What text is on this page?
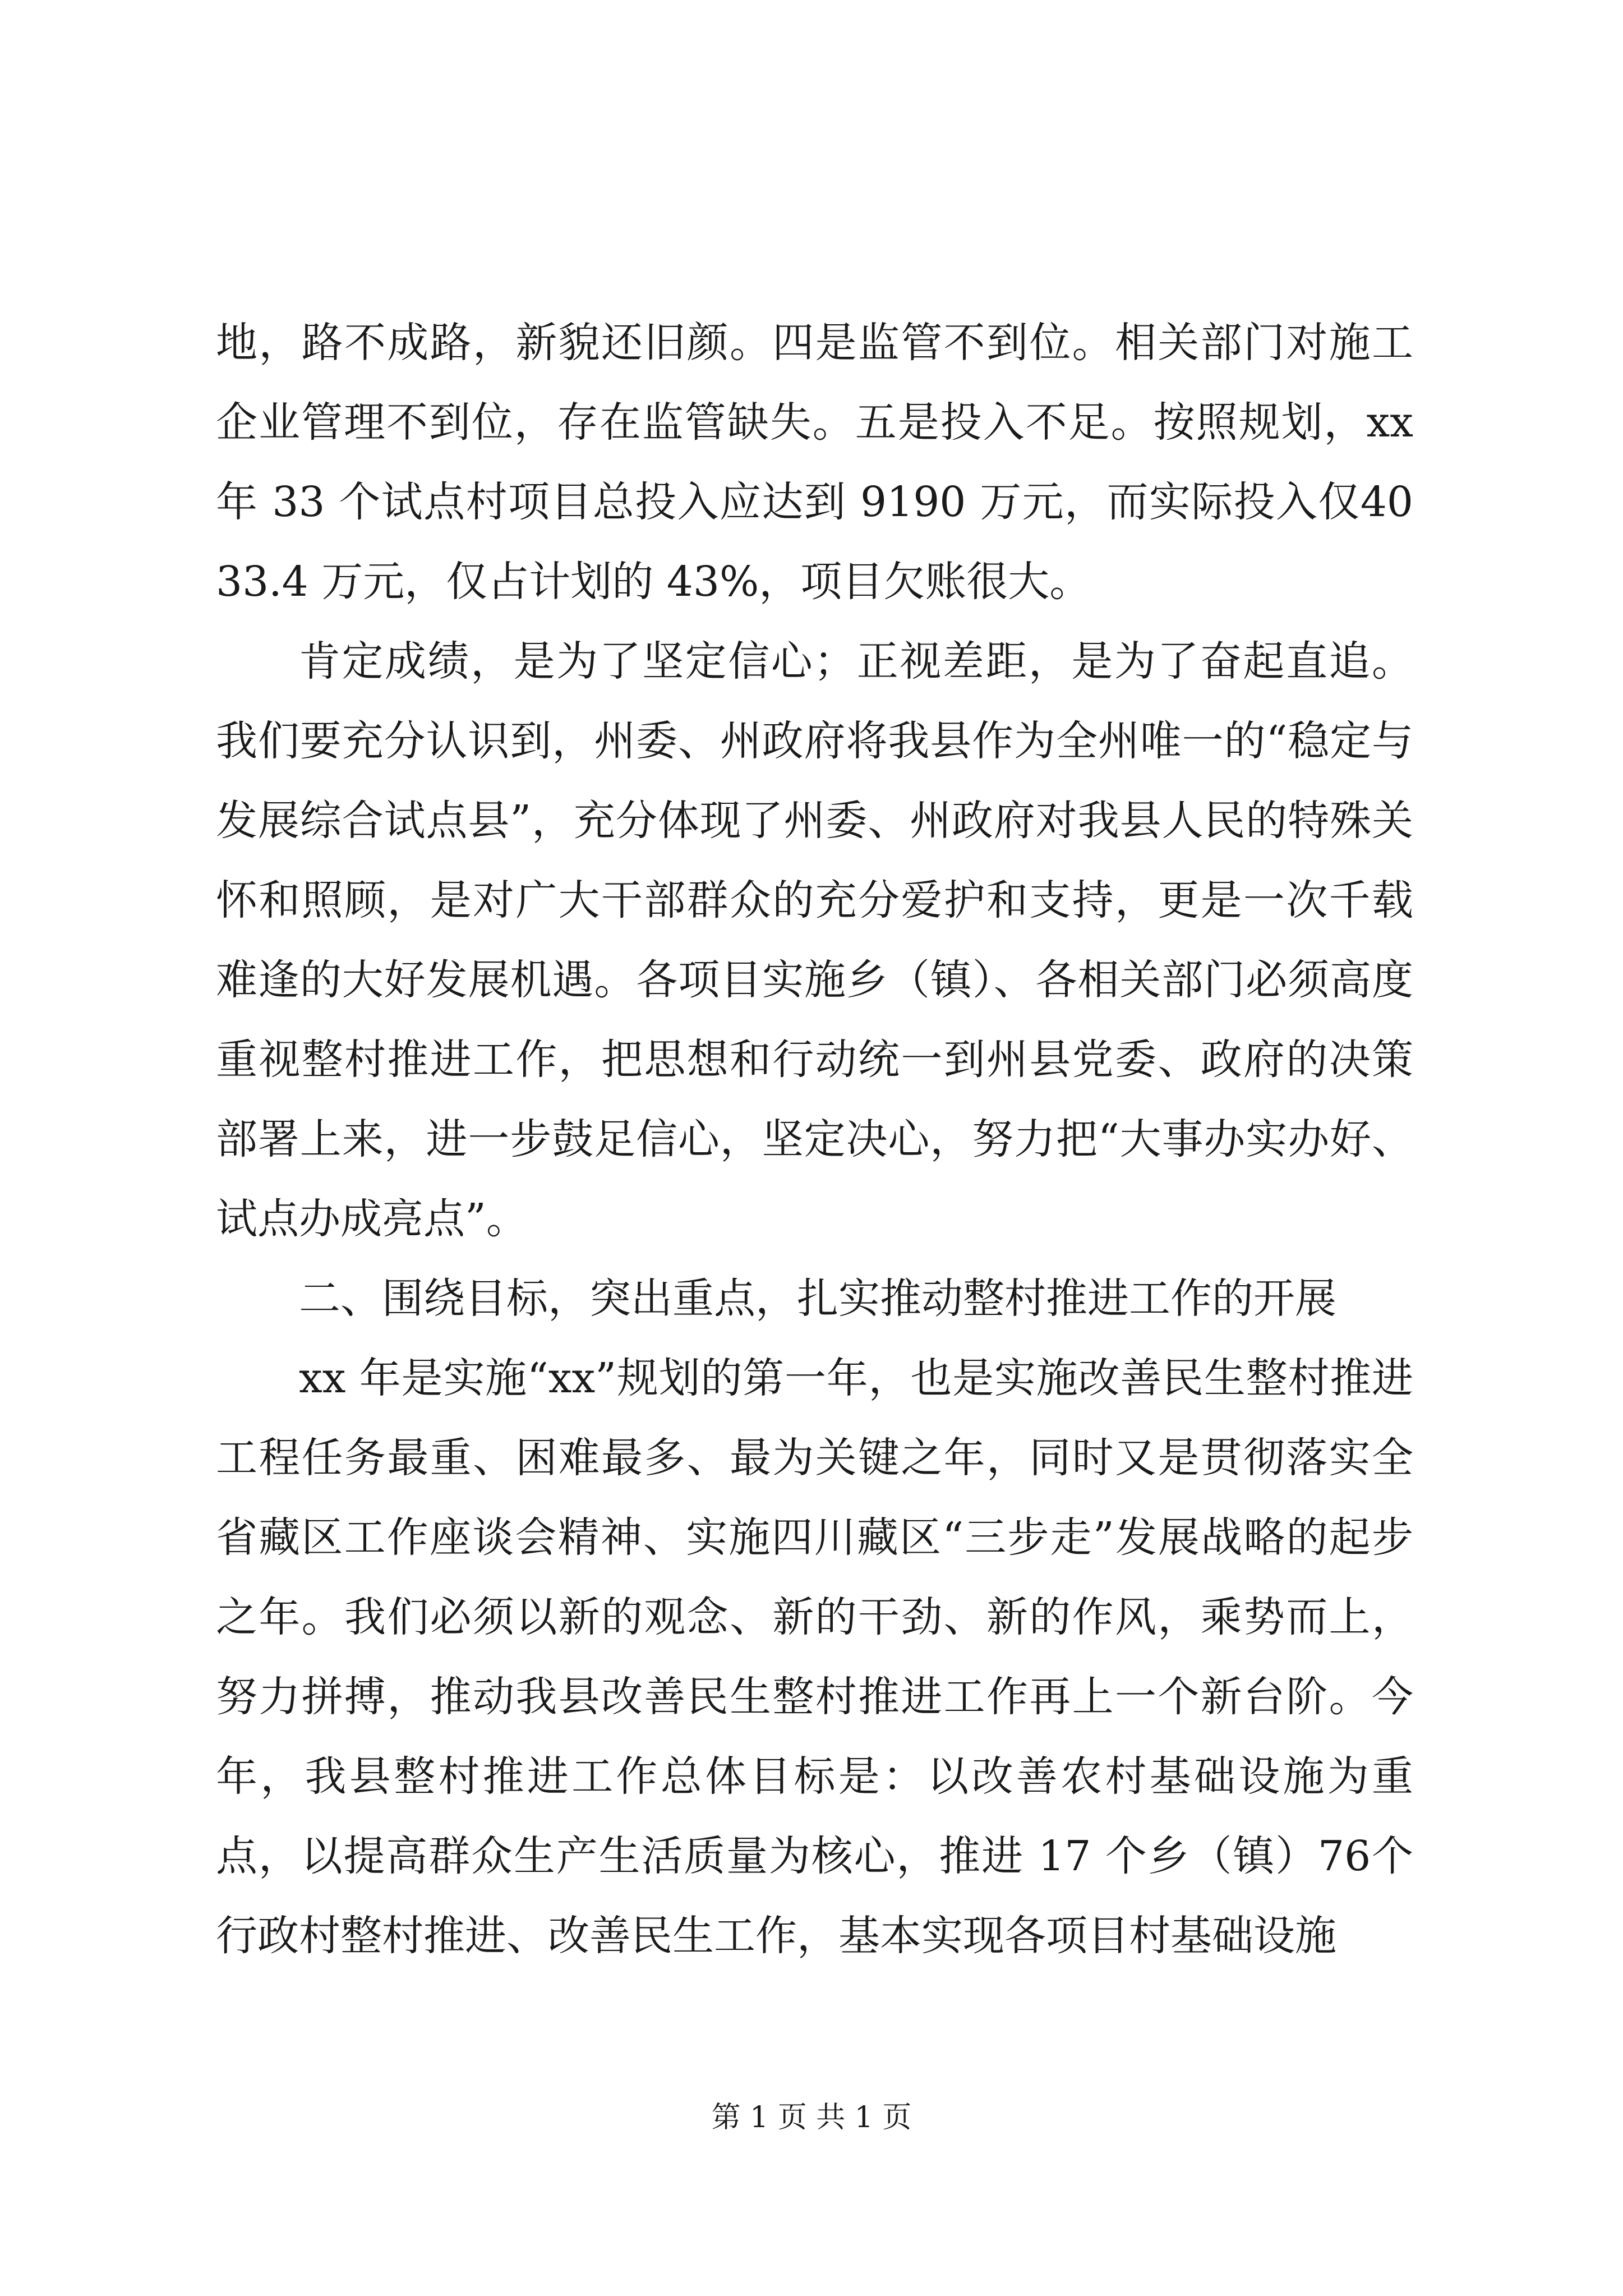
地，路不成路，新貌还旧颜。四是监管不到位。相关部门对施工企业管理不到位，存在监管缺失。五是投入不足。按照规划，xx年 33 个试点村项目总投入应达到 9190 万元，而实际投入仅4033.4 万元，仅占计划的 43%，项目欠账很大。

肯定成绩，是为了坚定信心；正视差距，是为了奋起直追。我们要充分认识到，州委、州政府将我县作为全州唯一的“稳定与发展综合试点县”，充分体现了州委、州政府对我县人民的特殊关怀和照顾，是对广大干部群众的充分爱护和支持，更是一次千载难逢的大好发展机遇。各项目实施乡（镇）、各相关部门必须高度重视整村推进工作，把思想和行动统一到州县党委、政府的决策部署上来，进一步鼓足信心，坚定决心，努力把“大事办实办好、试点办成亮点”。

二、围绕目标，突出重点，扎实推动整村推进工作的开展

xx 年是实施“xx”规划的第一年，也是实施改善民生整村推进工程任务最重、困难最多、最为关键之年，同时又是贯彻落实全省藏区工作座谈会精神、实施四川藏区“三步走”发展战略的起步之年。我们必须以新的观念、新的干劲、新的作风，乘势而上，努力拼搏，推动我县改善民生整村推进工作再上一个新台阶。今年，我县整村推进工作总体目标是：以改善农村基础设施为重点，以提高群众生产生活质量为核心，推进 17 个乡（镇）76个行政村整村推进、改善民生工作，基本实现各项目村基础设施

第 1 页 共 1 页
